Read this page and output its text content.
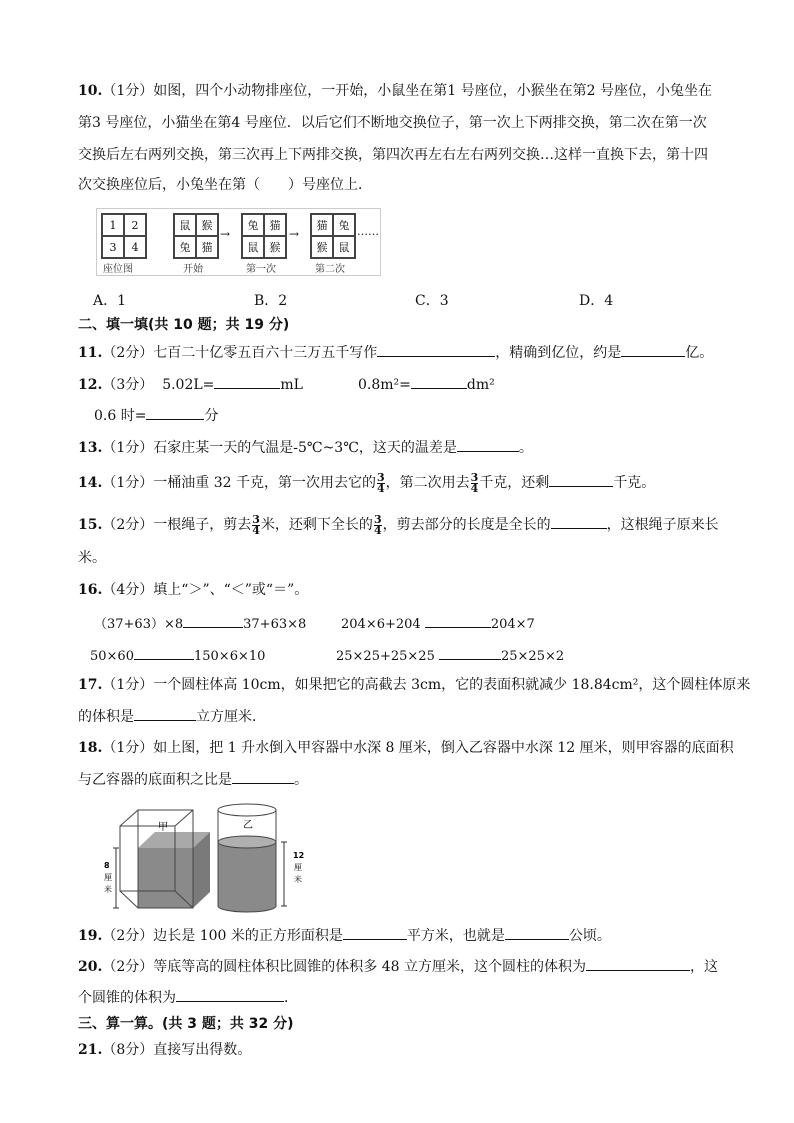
10.（1分）如图，四个小动物排座位，一开始，小鼠坐在第1 号座位，小猴坐在第2 号座位，小兔坐在
第3 号座位，小猫坐在第4 号座位．以后它们不断地交换位子，第一次上下两排交换，第二次在第一次
交换后左右两列交换，第三次再上下两排交换，第四次再左右左右两列交换…这样一直换下去，第十四
次交换座位后，小兔坐在第（　　）号座位上．
1	2
3	4
鼠	猴
兔	猫
→
兔	猫
鼠	猴
→
猫	兔
猴	鼠
……
座位图	开始	第一次	第二次
A．1	B．2	C．3	D．4
二、填一填(共 10 题；共 19 分)
11.（2分）七百二十亿零五百六十三万五千写作	，精确到亿位，约是	亿。
12.（3分） 5.02L=	mL	0.8m²=	dm²
0.6 时=	分
13.（1分）石家庄某一天的气温是-5℃~3℃，这天的温差是	。
14.（1分）一桶油重 32 千克，第一次用去它的 $\frac{3}{4}$ ，第二次用去 $\frac{3}{4}$ 千克，还剩	千克。
15.（2分）一根绳子，剪去 $\frac{3}{4}$ 米，还剩下全长的 $\frac{3}{4}$ ，剪去部分的长度是全长的	，这根绳子原来长
米。
16.（4分）填上“＞”、“＜”或“＝”。
（37+63）×8	37+63×8	204×6+204	204×7
50×60	150×6×10	25×25+25×25	25×25×2
17.（1分）一个圆柱体高 10cm，如果把它的高截去 3cm，它的表面积就减少 18.84cm²，这个圆柱体原来
的体积是	立方厘米．
18.（1分）如上图，把 1 升水倒入甲容器中水深 8 厘米，倒入乙容器中水深 12 厘米，则甲容器的底面积
与乙容器的底面积之比是	。
甲
8
厘
米
乙
12
厘
米
19.（2分）边长是 100 米的正方形面积是	平方米，也就是	公顷。
20.（2分）等底等高的圆柱体积比圆锥的体积多 48 立方厘米，这个圆柱的体积为	，这
个圆锥的体积为	．
三、算一算。(共 3 题；共 32 分)
21.（8分）直接写出得数。
